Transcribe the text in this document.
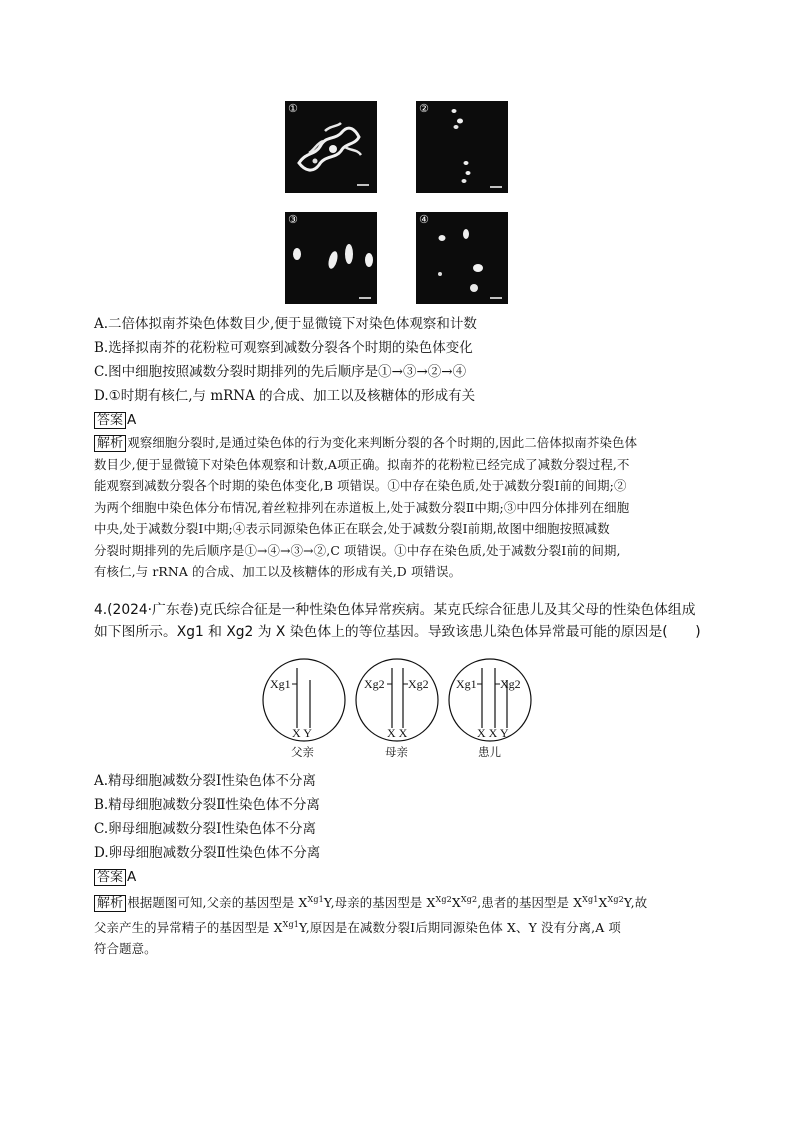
①	②
③	④
A.二倍体拟南芥染色体数目少,便于显微镜下对染色体观察和计数
B.选择拟南芥的花粉粒可观察到减数分裂各个时期的染色体变化
C.图中细胞按照减数分裂时期排列的先后顺序是①→③→②→④
D.①时期有核仁,与 mRNA 的合成、加工以及核糖体的形成有关
答案 A
解析 观察细胞分裂时,是通过染色体的行为变化来判断分裂的各个时期的,因此二倍体拟南芥染色体
数目少,便于显微镜下对染色体观察和计数,A项正确。拟南芥的花粉粒已经完成了减数分裂过程,不
能观察到减数分裂各个时期的染色体变化,B 项错误。①中存在染色质,处于减数分裂Ⅰ前的间期;②
为两个细胞中染色体分布情况,着丝粒排列在赤道板上,处于减数分裂Ⅱ中期;③中四分体排列在细胞
中央,处于减数分裂Ⅰ中期;④表示同源染色体正在联会,处于减数分裂Ⅰ前期,故图中细胞按照减数
分裂时期排列的先后顺序是①→④→③→②,C 项错误。①中存在染色质,处于减数分裂Ⅰ前的间期,
有核仁,与 rRNA 的合成、加工以及核糖体的形成有关,D 项错误。
4.(2024·广东卷)克氏综合征是一种性染色体异常疾病。某克氏综合征患儿及其父母的性染色体组成
如下图所示。Xg1 和 Xg2 为 X 染色体上的等位基因。导致该患儿染色体异常最可能的原因是(　　)
Xg1
X Y
父亲
Xg2 Xg2
X X
母亲
Xg1 Xg2
X X Y
患儿
A.精母细胞减数分裂Ⅰ性染色体不分离
B.精母细胞减数分裂Ⅱ性染色体不分离
C.卵母细胞减数分裂Ⅰ性染色体不分离
D.卵母细胞减数分裂Ⅱ性染色体不分离
答案 A
解析 根据题图可知,父亲的基因型是 $X^{Xg1}Y$,母亲的基因型是 $X^{Xg2}X^{Xg2}$,患者的基因型是 $X^{Xg1}X^{Xg2}Y$,故
父亲产生的异常精子的基因型是 $X^{Xg1}Y$,原因是在减数分裂Ⅰ后期同源染色体 X、Y 没有分离,A 项
符合题意。
